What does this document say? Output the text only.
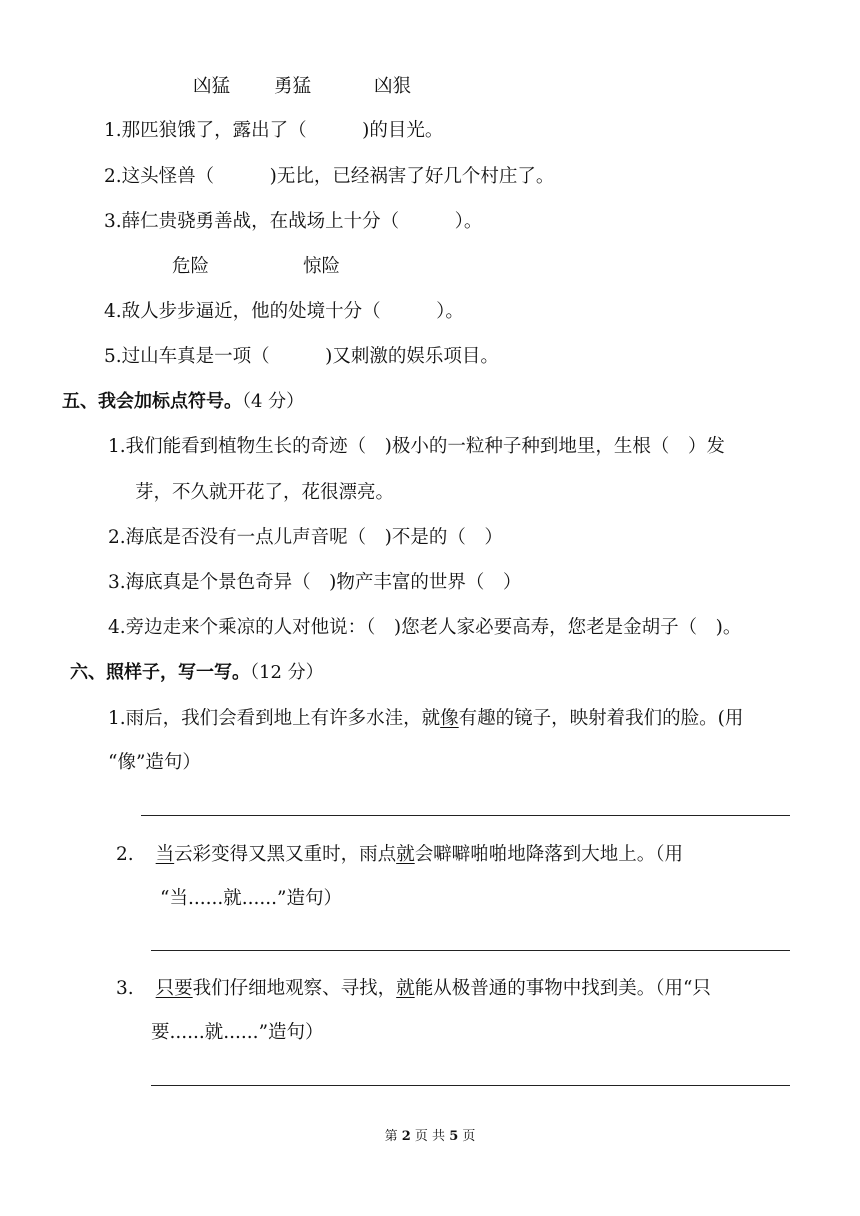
凶猛 勇猛	凶狠
1.那匹狼饿了，露出了（　　　)的目光。
2.这头怪兽（　　　)无比，已经祸害了好几个村庄了。
3.薛仁贵骁勇善战，在战场上十分（　　　）。
危险	惊险
4.敌人步步逼近，他的处境十分（　　　）。
5.过山车真是一项（　　　)又刺激的娱乐项目。
五、我会加标点符号。（4 分）
1.我们能看到植物生长的奇迹（　)极小的一粒种子种到地里，生根（　）发
芽，不久就开花了，花很漂亮。
2.海底是否没有一点儿声音呢（　)不是的（　）
3.海底真是个景色奇异（　)物产丰富的世界（　）
4.旁边走来个乘凉的人对他说：（　)您老人家必要高寿，您老是金胡子（　)。
六、照样子，写一写。（12 分）
1.雨后，我们会看到地上有许多水洼，就像有趣的镜子，映射着我们的脸。(用
“像”造句）
2. 当云彩变得又黑又重时，雨点就会噼噼啪啪地降落到大地上。（用
“当......就......”造句）
3. 只要我们仔细地观察、寻找，就能从极普通的事物中找到美。（用“只
要......就......”造句）
第 2 页 共 5 页
